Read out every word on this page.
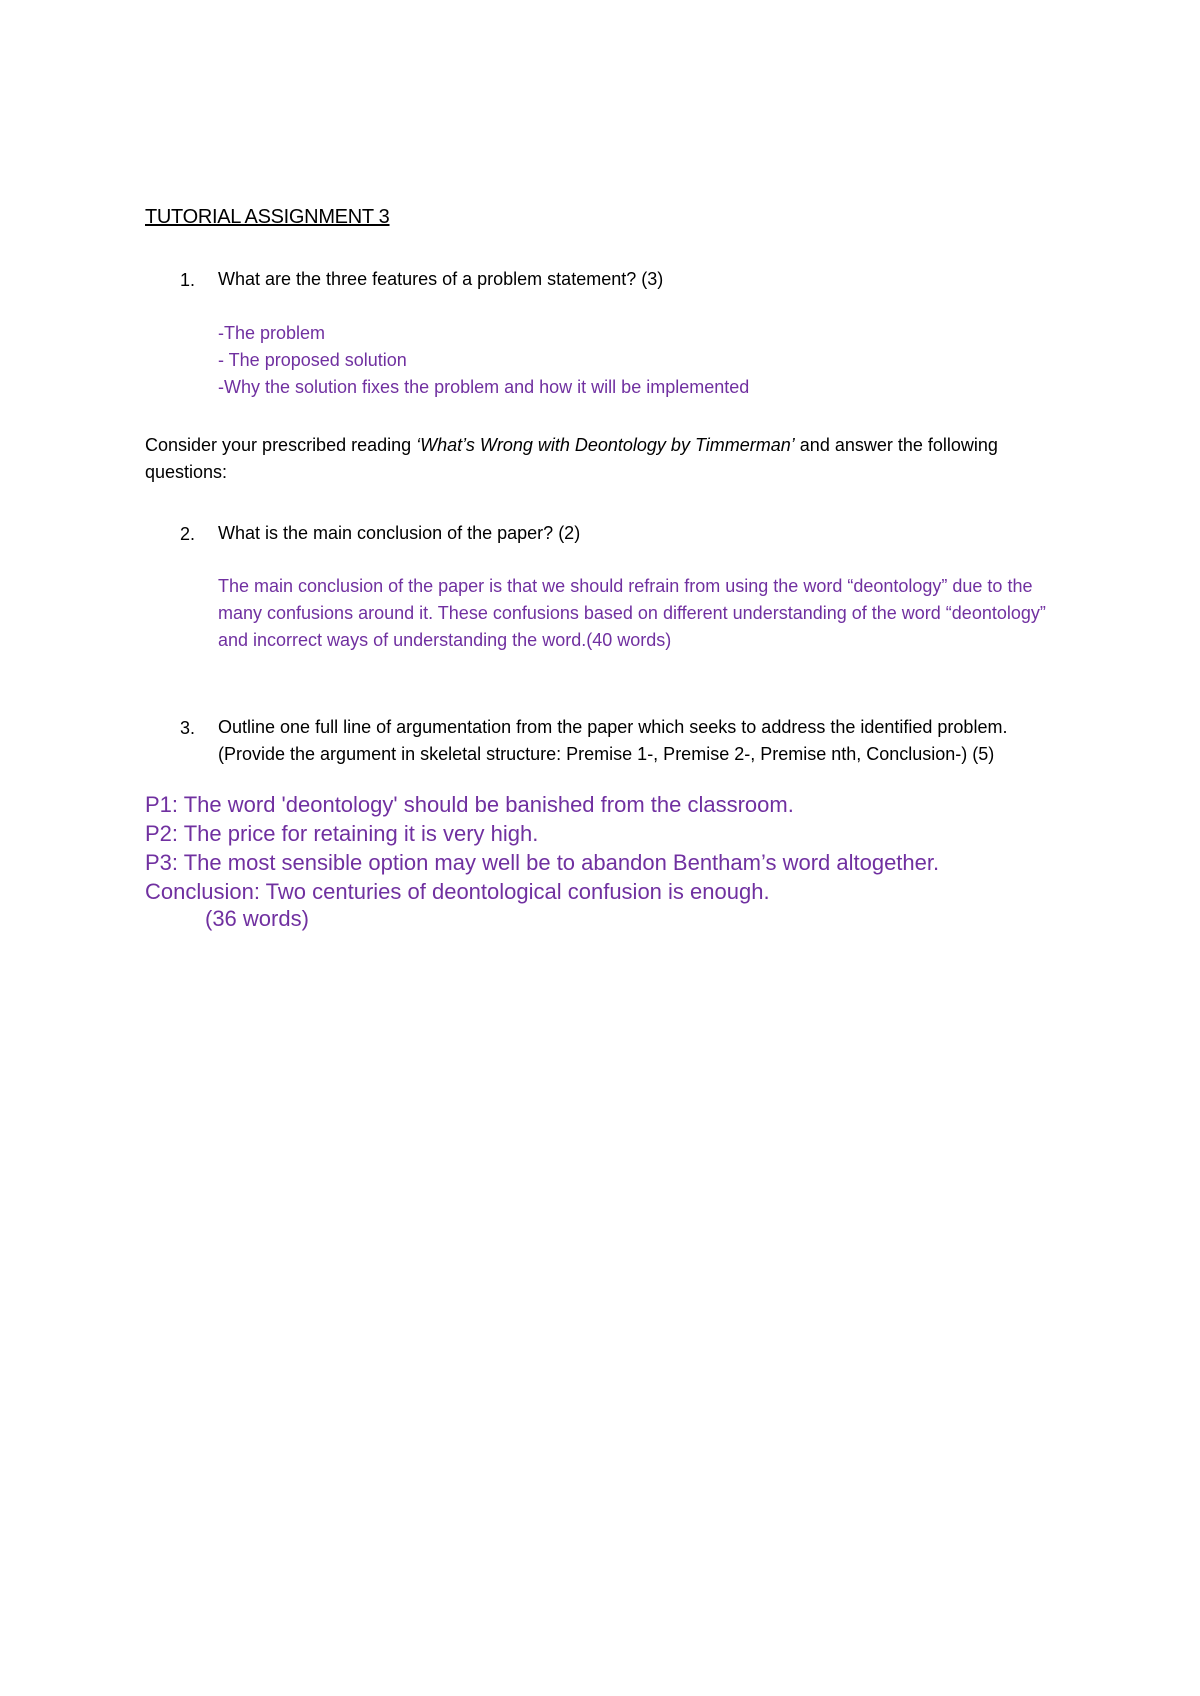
TUTORIAL ASSIGNMENT 3
1. What are the three features of a problem statement? (3)
-The problem
- The proposed solution
-Why the solution fixes the problem and how it will be implemented
Consider your prescribed reading ‘What’s Wrong with Deontology by Timmerman’ and answer the following questions:
2. What is the main conclusion of the paper? (2)
The main conclusion of the paper is that we should refrain from using the word “deontology” due to the many confusions around it. These confusions based on different understanding of the word “deontology” and incorrect ways of understanding the word.(40 words)
3. Outline one full line of argumentation from the paper which seeks to address the identified problem. (Provide the argument in skeletal structure: Premise 1-, Premise 2-, Premise nth, Conclusion-) (5)
P1: The word 'deontology' should be banished from the classroom.
P2: The price for retaining it is very high.
P3: The most sensible option may well be to abandon Bentham’s word altogether.
Conclusion: Two centuries of deontological confusion is enough.
(36 words)
